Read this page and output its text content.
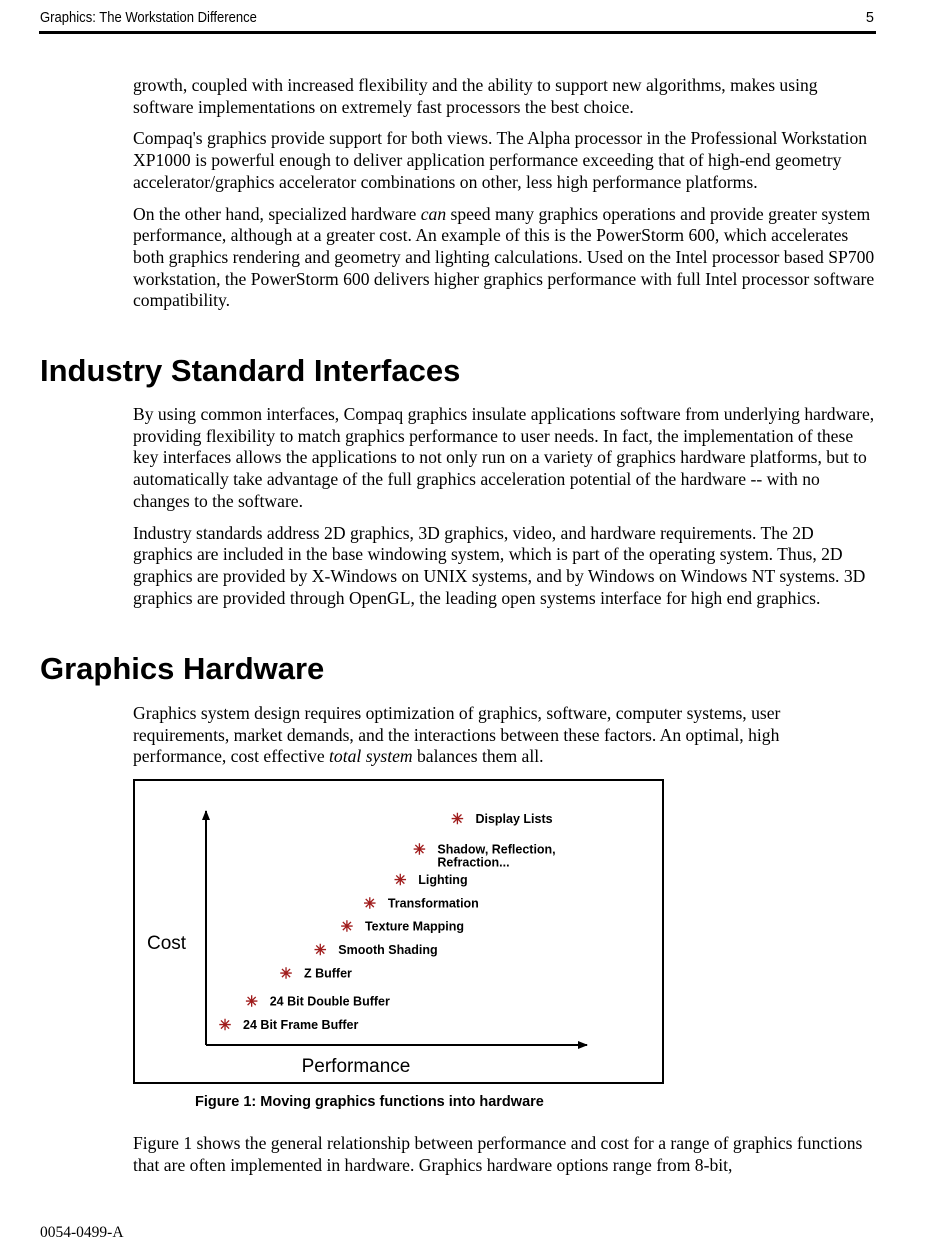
Graphics: The Workstation Difference	5

growth, coupled with increased flexibility and the ability to support new algorithms, makes using software implementations on extremely fast processors the best choice.

Compaq's graphics provide support for both views. The Alpha processor in the Professional Workstation XP1000 is powerful enough to deliver application performance exceeding that of high-end geometry accelerator/graphics accelerator combinations on other, less high performance platforms.

On the other hand, specialized hardware can speed many graphics operations and provide greater system performance, although at a greater cost. An example of this is the PowerStorm 600, which accelerates both graphics rendering and geometry and lighting calculations. Used on the Intel processor based SP700 workstation, the PowerStorm 600 delivers higher graphics performance with full Intel processor software compatibility.

Industry Standard Interfaces

By using common interfaces, Compaq graphics insulate applications software from underlying hardware, providing flexibility to match graphics performance to user needs. In fact, the implementation of these key interfaces allows the applications to not only run on a variety of graphics hardware platforms, but to automatically take advantage of the full graphics acceleration potential of the hardware -- with no changes to the software.

Industry standards address 2D graphics, 3D graphics, video, and hardware requirements. The 2D graphics are included in the base windowing system, which is part of the operating system. Thus, 2D graphics are provided by X-Windows on UNIX systems, and by Windows on Windows NT systems. 3D graphics are provided through OpenGL, the leading open systems interface for high end graphics.

Graphics Hardware

Graphics system design requires optimization of graphics, software, computer systems, user requirements, market demands, and the interactions between these factors. An optimal, high performance, cost effective total system balances them all.

Cost
Performance
✳ 24 Bit Frame Buffer
✳ 24 Bit Double Buffer
✳ Z Buffer
✳ Smooth Shading
✳ Texture Mapping
✳ Transformation
✳ Lighting
✳ Shadow, Reflection, Refraction...
✳ Display Lists
Figure 1: Moving graphics functions into hardware

Figure 1 shows the general relationship between performance and cost for a range of graphics functions that are often implemented in hardware. Graphics hardware options range from 8-bit,

0054-0499-A
